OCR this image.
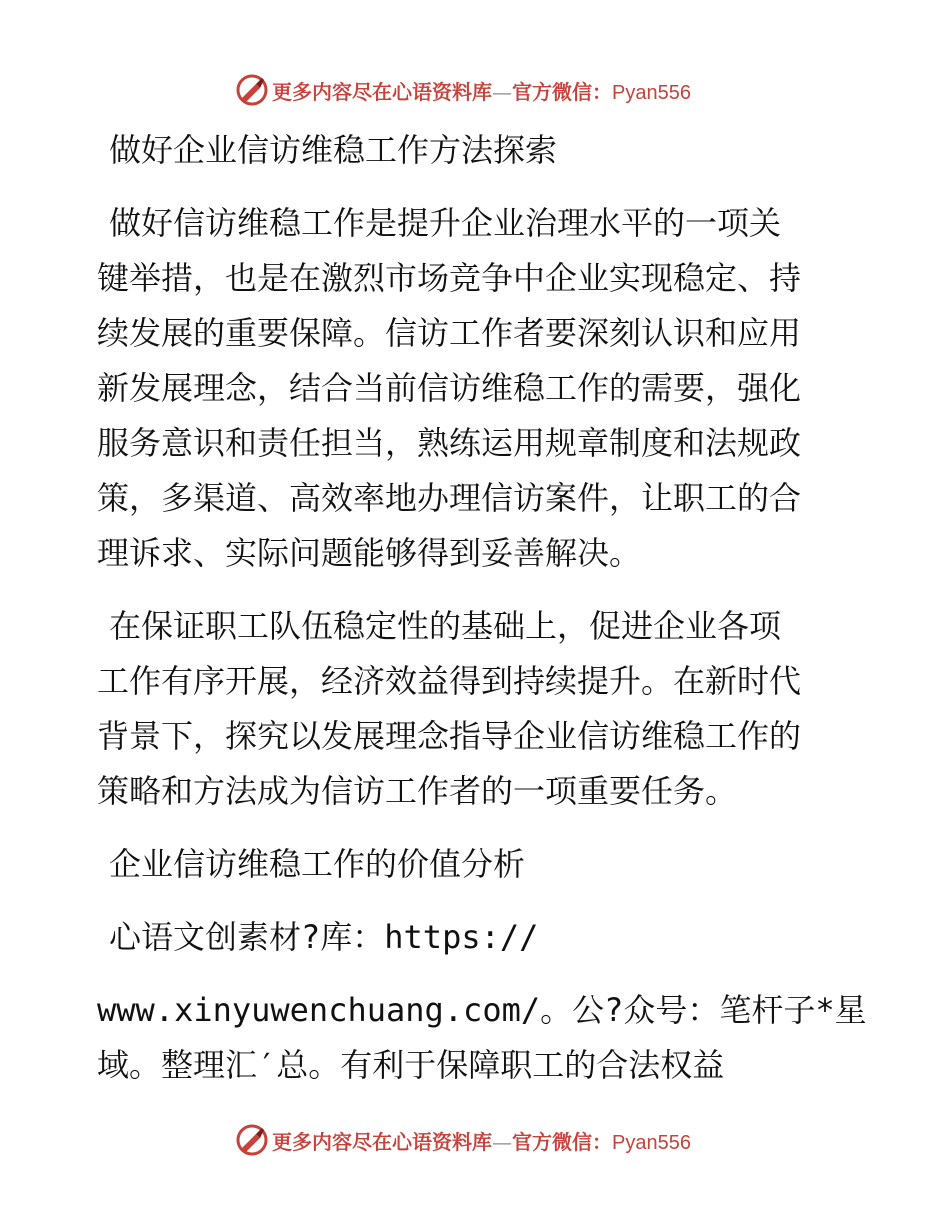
更多内容尽在心语资料库—官方微信：Pyan556
做好企业信访维稳工作方法探索
做好信访维稳工作是提升企业治理水平的一项关
键举措，也是在激烈市场竞争中企业实现稳定、持
续发展的重要保障。信访工作者要深刻认识和应用
新发展理念，结合当前信访维稳工作的需要，强化
服务意识和责任担当，熟练运用规章制度和法规政
策，多渠道、高效率地办理信访案件，让职工的合
理诉求、实际问题能够得到妥善解决。
在保证职工队伍稳定性的基础上，促进企业各项
工作有序开展，经济效益得到持续提升。在新时代
背景下，探究以发展理念指导企业信访维稳工作的
策略和方法成为信访工作者的一项重要任务。
企业信访维稳工作的价值分析
心语文创素材?库：https://
www.xinyuwenchuang.com/。公?众号：笔杆子*星
域。整理汇′总。有利于保障职工的合法权益
更多内容尽在心语资料库—官方微信：Pyan556
